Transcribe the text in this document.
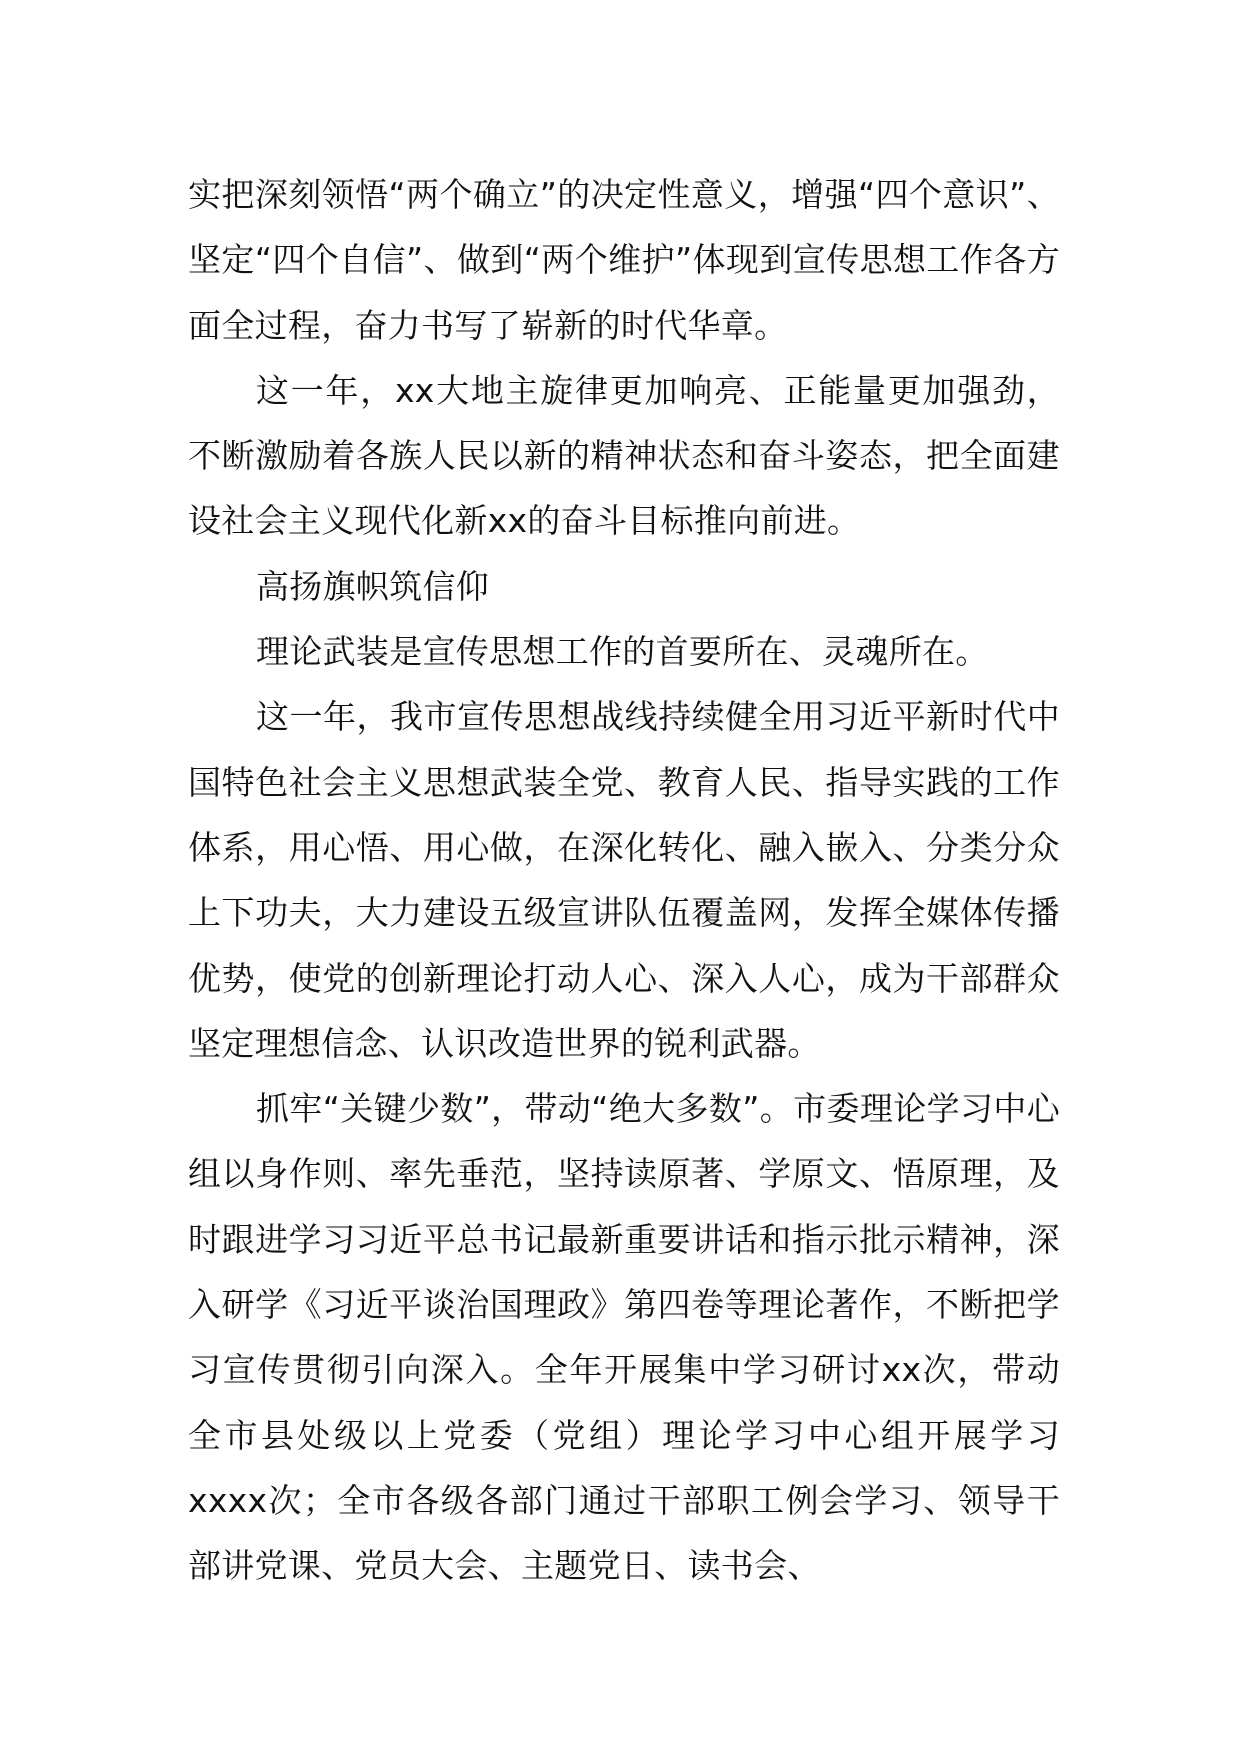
实把深刻领悟“两个确立”的决定性意义，增强“四个意识”、坚定“四个自信”、做到“两个维护”体现到宣传思想工作各方面全过程，奋力书写了崭新的时代华章。

这一年，xx大地主旋律更加响亮、正能量更加强劲，不断激励着各族人民以新的精神状态和奋斗姿态，把全面建设社会主义现代化新xx的奋斗目标推向前进。

高扬旗帜筑信仰

理论武装是宣传思想工作的首要所在、灵魂所在。

这一年，我市宣传思想战线持续健全用习近平新时代中国特色社会主义思想武装全党、教育人民、指导实践的工作体系，用心悟、用心做，在深化转化、融入嵌入、分类分众上下功夫，大力建设五级宣讲队伍覆盖网，发挥全媒体传播优势，使党的创新理论打动人心、深入人心，成为干部群众坚定理想信念、认识改造世界的锐利武器。

抓牢“关键少数”，带动“绝大多数”。市委理论学习中心组以身作则、率先垂范，坚持读原著、学原文、悟原理，及时跟进学习习近平总书记最新重要讲话和指示批示精神，深入研学《习近平谈治国理政》第四卷等理论著作，不断把学习宣传贯彻引向深入。全年开展集中学习研讨xx次，带动全市县处级以上党委（党组）理论学习中心组开展学习xxxx次；全市各级各部门通过干部职工例会学习、领导干部讲党课、党员大会、主题党日、读书会、
